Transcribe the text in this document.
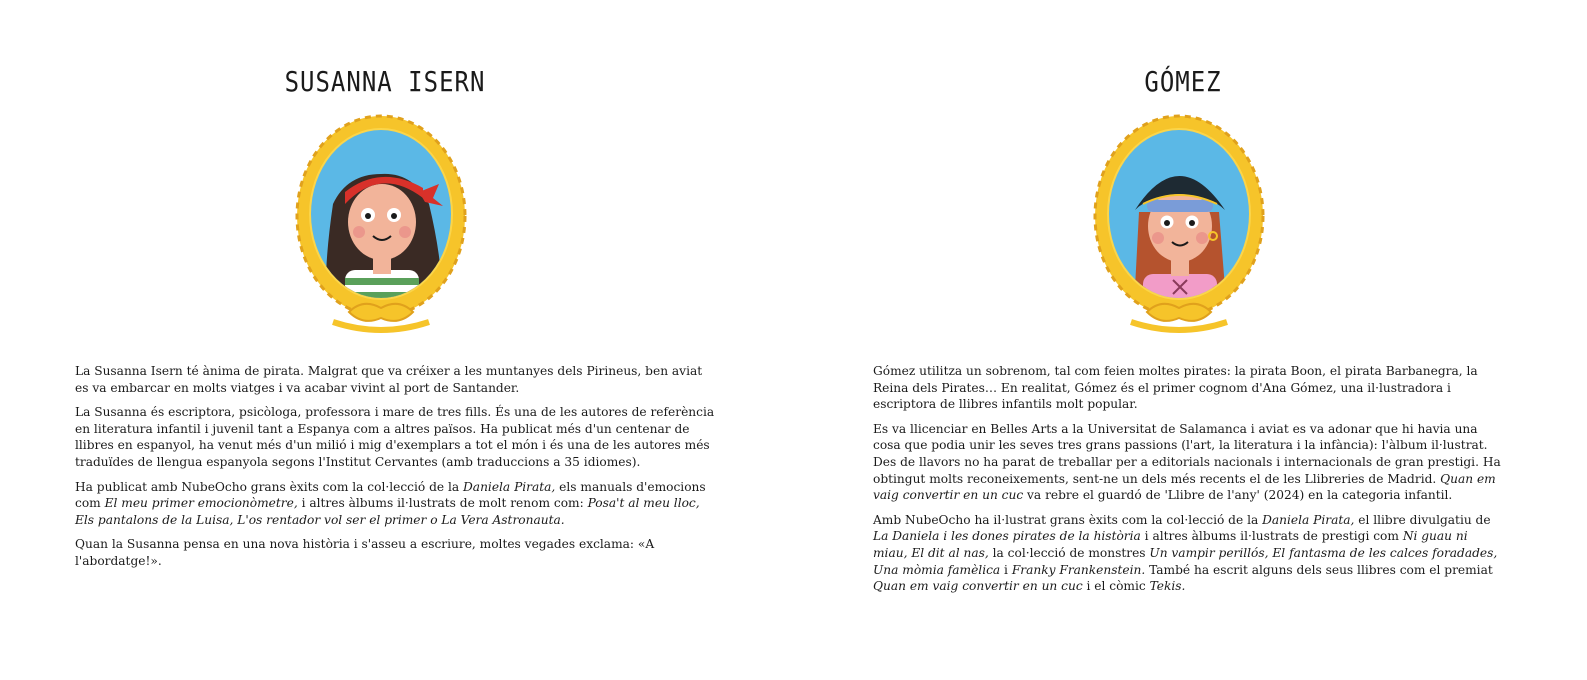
SUSANNA ISERN

La Susanna Isern té ànima de pirata. Malgrat que va créixer a les muntanyes dels Pirineus, ben aviat es va embarcar en molts viatges i va acabar vivint al port de Santander.

La Susanna és escriptora, psicòloga, professora i mare de tres fills. És una de les autores de referència en literatura infantil i juvenil tant a Espanya com a altres països. Ha publicat més d'un centenar de llibres en espanyol, ha venut més d'un milió i mig d'exemplars a tot el món i és una de les autores més traduïdes de llengua espanyola segons l'Institut Cervantes (amb traduccions a 35 idiomes).

Ha publicat amb NubeOcho grans èxits com la col·lecció de la Daniela Pirata, els manuals d'emocions com El meu primer emocionòmetre, i altres àlbums il·lustrats de molt renom com: Posa't al meu lloc, Els pantalons de la Luisa, L'os rentador vol ser el primer o La Vera Astronauta.

Quan la Susanna pensa en una nova història i s'asseu a escriure, moltes vegades exclama: «A l'abordatge!».

GÓMEZ

Gómez utilitza un sobrenom, tal com feien moltes pirates: la pirata Boon, el pirata Barbanegra, la Reina dels Pirates… En realitat, Gómez és el primer cognom d'Ana Gómez, una il·lustradora i escriptora de llibres infantils molt popular.

Es va llicenciar en Belles Arts a la Universitat de Salamanca i aviat es va adonar que hi havia una cosa que podia unir les seves tres grans passions (l'art, la literatura i la infància): l'àlbum il·lustrat. Des de llavors no ha parat de treballar per a editorials nacionals i internacionals de gran prestigi. Ha obtingut molts reconeixements, sent-ne un dels més recents el de les Llibreries de Madrid. Quan em vaig convertir en un cuc va rebre el guardó de 'Llibre de l'any' (2024) en la categoria infantil.

Amb NubeOcho ha il·lustrat grans èxits com la col·lecció de la Daniela Pirata, el llibre divulgatiu de La Daniela i les dones pirates de la història i altres àlbums il·lustrats de prestigi com Ni guau ni miau, El dit al nas, la col·lecció de monstres Un vampir perillós, El fantasma de les calces foradades, Una mòmia famèlica i Franky Frankenstein. També ha escrit alguns dels seus llibres com el premiat Quan em vaig convertir en un cuc i el còmic Tekis.
